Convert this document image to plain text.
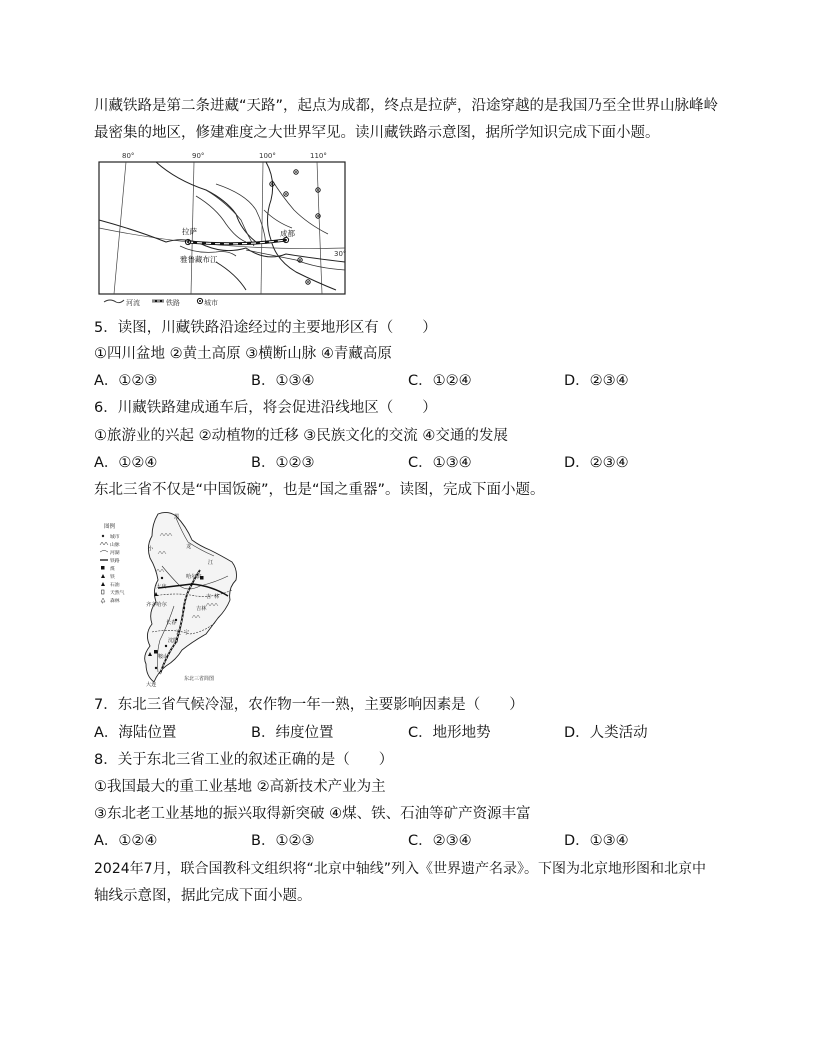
川藏铁路是第二条进藏“天路”，起点为成都，终点是拉萨，沿途穿越的是我国乃至全世界山脉峰岭
最密集的地区，修建难度之大世界罕见。读川藏铁路示意图，据所学知识完成下面小题。
80°	90°	100°	110°
30°
拉萨	成都
雅鲁藏布江
河流	铁路	城市
5．读图，川藏铁路沿途经过的主要地形区有（　　）
①四川盆地 ②黄土高原 ③横断山脉 ④青藏高原
A．①②③	B．①③④	C．①②④	D．②③④
6．川藏铁路建成通车后，将会促进沿线地区（　　）
①旅游业的兴起 ②动植物的迁移 ③民族文化的交流 ④交通的发展
A．①②④	B．①②③	C．①③④	D．②③④
东北三省不仅是“中国饭碗”，也是“国之重器”。读图，完成下面小题。
图例
城市
山脉
河湖
铁路
煤
铁
石油
天然气
森林
黑
龙
江
小
大庆
哈尔滨
吉林
长春
沈阳
鞍山
大连
齐齐哈尔
吉 林
辽 宁
东北三省简图
7．东北三省气候冷湿，农作物一年一熟，主要影响因素是（　　）
A．海陆位置	B．纬度位置	C．地形地势	D．人类活动
8．关于东北三省工业的叙述正确的是（　　）
①我国最大的重工业基地 ②高新技术产业为主
③东北老工业基地的振兴取得新突破 ④煤、铁、石油等矿产资源丰富
A．①②④	B．①②③	C．②③④	D．①③④
2024年7月，联合国教科文组织将“北京中轴线”列入《世界遗产名录》。下图为北京地形图和北京中
轴线示意图，据此完成下面小题。
